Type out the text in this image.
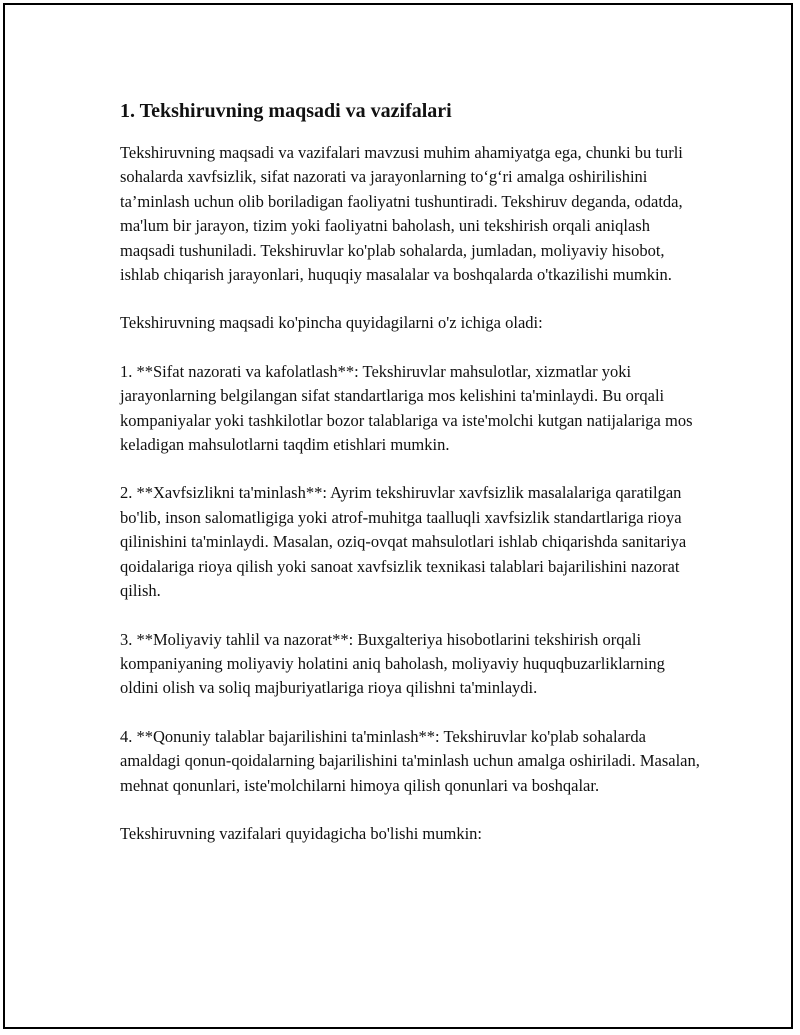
1. Tekshiruvning maqsadi va vazifalari

Tekshiruvning maqsadi va vazifalari mavzusi muhim ahamiyatga ega, chunki bu turli sohalarda xavfsizlik, sifat nazorati va jarayonlarning to‘g‘ri amalga oshirilishini ta’minlash uchun olib boriladigan faoliyatni tushuntiradi. Tekshiruv deganda, odatda, ma'lum bir jarayon, tizim yoki faoliyatni baholash, uni tekshirish orqali aniqlash maqsadi tushuniladi. Tekshiruvlar ko'plab sohalarda, jumladan, moliyaviy hisobot, ishlab chiqarish jarayonlari, huquqiy masalalar va boshqalarda o'tkazilishi mumkin.

Tekshiruvning maqsadi ko'pincha quyidagilarni o'z ichiga oladi:

1. **Sifat nazorati va kafolatlash**: Tekshiruvlar mahsulotlar, xizmatlar yoki jarayonlarning belgilangan sifat standartlariga mos kelishini ta'minlaydi. Bu orqali kompaniyalar yoki tashkilotlar bozor talablariga va iste'molchi kutgan natijalariga mos keladigan mahsulotlarni taqdim etishlari mumkin.

2. **Xavfsizlikni ta'minlash**: Ayrim tekshiruvlar xavfsizlik masalalariga qaratilgan bo'lib, inson salomatligiga yoki atrof-muhitga taalluqli xavfsizlik standartlariga rioya qilinishini ta'minlaydi. Masalan, oziq-ovqat mahsulotlari ishlab chiqarishda sanitariya qoidalariga rioya qilish yoki sanoat xavfsizlik texnikasi talablari bajarilishini nazorat qilish.

3. **Moliyaviy tahlil va nazorat**: Buxgalteriya hisobotlarini tekshirish orqali kompaniyaning moliyaviy holatini aniq baholash, moliyaviy huquqbuzarliklarning oldini olish va soliq majburiyatlariga rioya qilishni ta'minlaydi.

4. **Qonuniy talablar bajarilishini ta'minlash**: Tekshiruvlar ko'plab sohalarda amaldagi qonun-qoidalarning bajarilishini ta'minlash uchun amalga oshiriladi. Masalan, mehnat qonunlari, iste'molchilarni himoya qilish qonunlari va boshqalar.

Tekshiruvning vazifalari quyidagicha bo'lishi mumkin:
